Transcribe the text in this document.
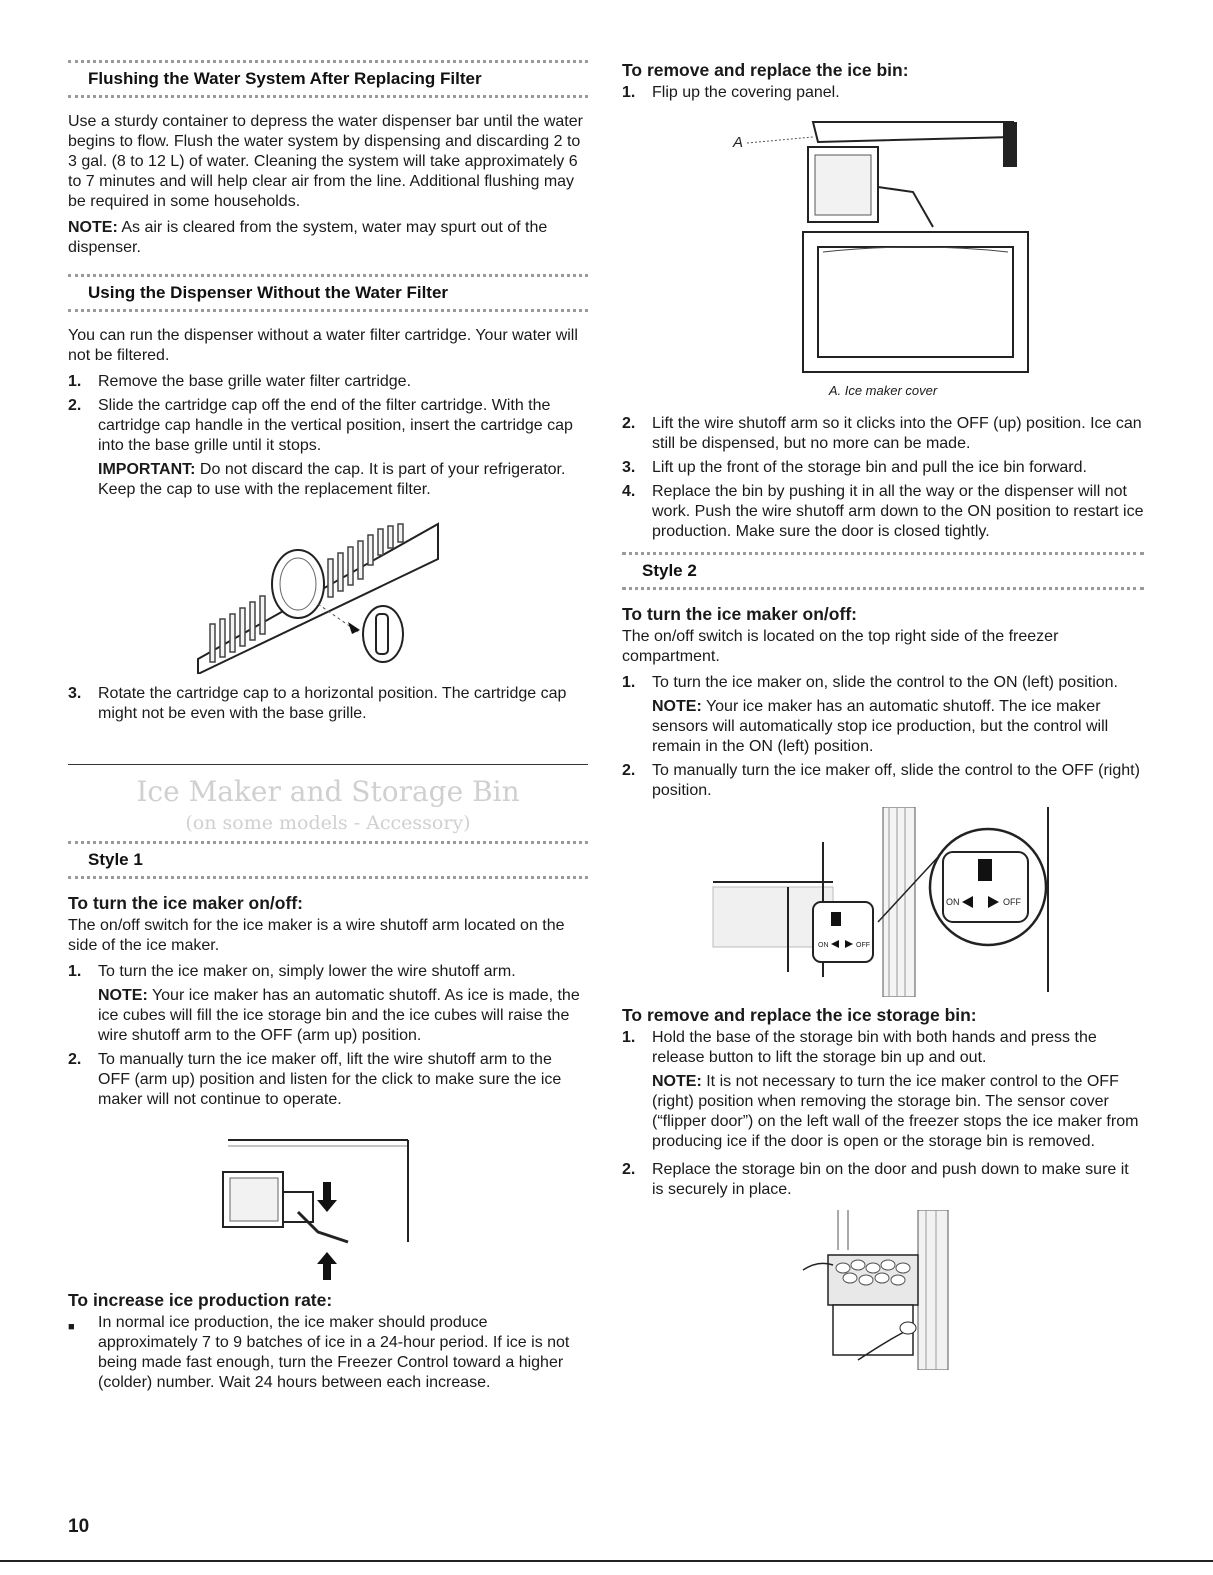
Flushing the Water System After Replacing Filter

Use a sturdy container to depress the water dispenser bar until the water begins to flow. Flush the water system by dispensing and discarding 2 to 3 gal. (8 to 12 L) of water. Cleaning the system will take approximately 6 to 7 minutes and will help clear air from the line. Additional flushing may be required in some households.

NOTE: As air is cleared from the system, water may spurt out of the dispenser.

Using the Dispenser Without the Water Filter

You can run the dispenser without a water filter cartridge. Your water will not be filtered.

1.	Remove the base grille water filter cartridge.
2.	Slide the cartridge cap off the end of the filter cartridge. With the cartridge cap handle in the vertical position, insert the cartridge cap into the base grille until it stops.

IMPORTANT: Do not discard the cap. It is part of your refrigerator. Keep the cap to use with the replacement filter.

3.	Rotate the cartridge cap to a horizontal position. The cartridge cap might not be even with the base grille.
Ice Maker and Storage Bin
(on some models - Accessory)
Style 1
To turn the ice maker on/off:

The on/off switch for the ice maker is a wire shutoff arm located on the side of the ice maker.

1.	To turn the ice maker on, simply lower the wire shutoff arm.

NOTE: Your ice maker has an automatic shutoff. As ice is made, the ice cubes will fill the ice storage bin and the ice cubes will raise the wire shutoff arm to the OFF (arm up) position.

2.	To manually turn the ice maker off, lift the wire shutoff arm to the OFF (arm up) position and listen for the click to make sure the ice maker will not continue to operate.
To increase ice production rate:
■	In normal ice production, the ice maker should produce approximately 7 to 9 batches of ice in a 24-hour period. If ice is not being made fast enough, turn the Freezer Control toward a higher (colder) number. Wait 24 hours between each increase.
To remove and replace the ice bin:
1.	Flip up the covering panel.
A
A. Ice maker cover
2.	Lift the wire shutoff arm so it clicks into the OFF (up) position. Ice can still be dispensed, but no more can be made.
3.	Lift up the front of the storage bin and pull the ice bin forward.
4.	Replace the bin by pushing it in all the way or the dispenser will not work. Push the wire shutoff arm down to the ON position to restart ice production. Make sure the door is closed tightly.
Style 2
To turn the ice maker on/off:

The on/off switch is located on the top right side of the freezer compartment.

1.	To turn the ice maker on, slide the control to the ON (left) position.

NOTE: Your ice maker has an automatic shutoff. The ice maker sensors will automatically stop ice production, but the control will remain in the ON (left) position.

2.	To manually turn the ice maker off, slide the control to the OFF (right) position.
ON	OFF
ON	OFF
To remove and replace the ice storage bin:
1.	Hold the base of the storage bin with both hands and press the release button to lift the storage bin up and out.

NOTE: It is not necessary to turn the ice maker control to the OFF (right) position when removing the storage bin. The sensor cover (“flipper door”) on the left wall of the freezer stops the ice maker from producing ice if the door is open or the storage bin is removed.

2.	Replace the storage bin on the door and push down to make sure it is securely in place.
10
